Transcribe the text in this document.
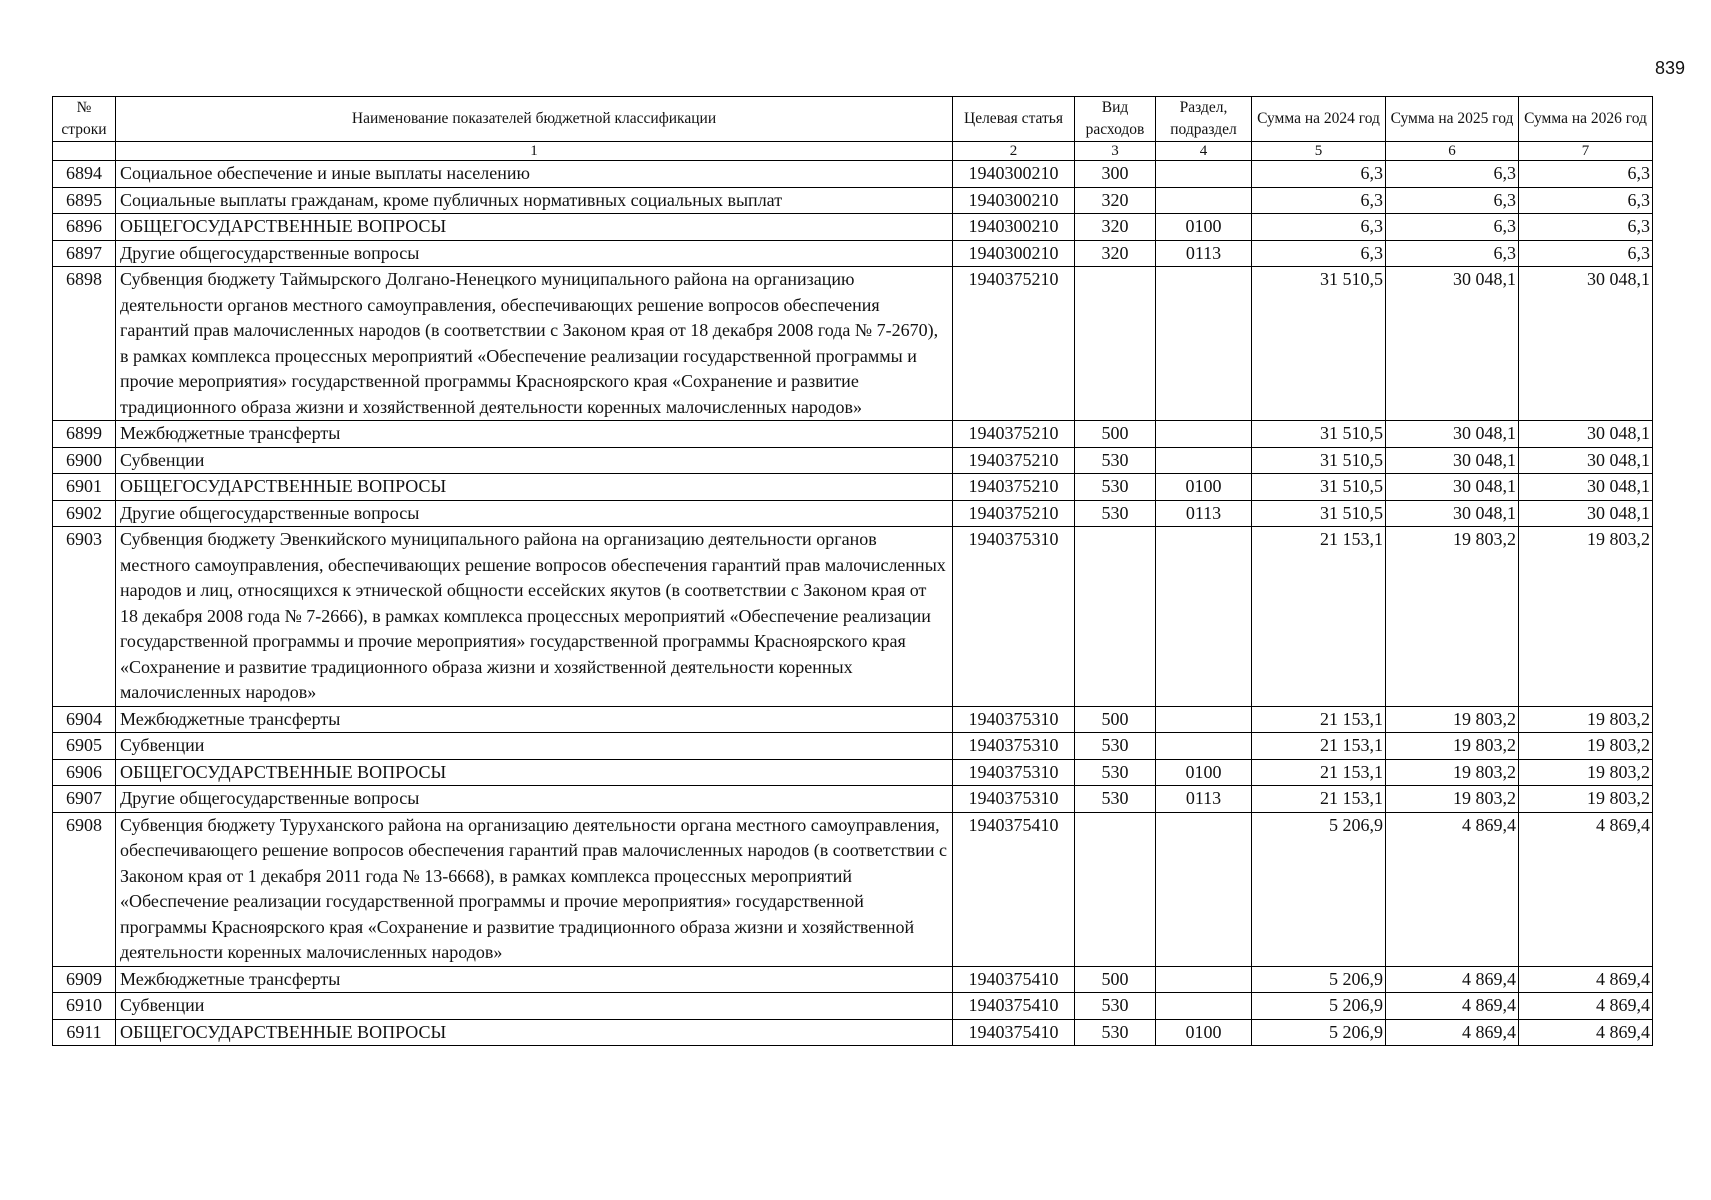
839
№ строки	Наименование показателей бюджетной классификации	Целевая статья	Вид расходов	Раздел, подраздел	Сумма на 2024 год	Сумма на 2025 год	Сумма на 2026 год
	1	2	3	4	5	6	7
6894	Социальное обеспечение и иные выплаты населению	1940300210	300		6,3	6,3	6,3
6895	Социальные выплаты гражданам, кроме публичных нормативных социальных выплат	1940300210	320		6,3	6,3	6,3
6896	ОБЩЕГОСУДАРСТВЕННЫЕ ВОПРОСЫ	1940300210	320	0100	6,3	6,3	6,3
6897	Другие общегосударственные вопросы	1940300210	320	0113	6,3	6,3	6,3
6898	Субвенция бюджету Таймырского Долгано-Ненецкого муниципального района на организацию деятельности органов местного самоуправления, обеспечивающих решение вопросов обеспечения гарантий прав малочисленных народов (в соответствии с Законом края от 18 декабря 2008 года № 7-2670), в рамках комплекса процессных мероприятий «Обеспечение реализации государственной программы и прочие мероприятия» государственной программы Красноярского края «Сохранение и развитие традиционного образа жизни и хозяйственной деятельности коренных малочисленных народов»	1940375210			31 510,5	30 048,1	30 048,1
6899	Межбюджетные трансферты	1940375210	500		31 510,5	30 048,1	30 048,1
6900	Субвенции	1940375210	530		31 510,5	30 048,1	30 048,1
6901	ОБЩЕГОСУДАРСТВЕННЫЕ ВОПРОСЫ	1940375210	530	0100	31 510,5	30 048,1	30 048,1
6902	Другие общегосударственные вопросы	1940375210	530	0113	31 510,5	30 048,1	30 048,1
6903	Субвенция бюджету Эвенкийского муниципального района на организацию деятельности органов местного самоуправления, обеспечивающих решение вопросов обеспечения гарантий прав малочисленных народов и лиц, относящихся к этнической общности ессейских якутов (в соответствии с Законом края от 18 декабря 2008 года № 7-2666), в рамках комплекса процессных мероприятий «Обеспечение реализации государственной программы и прочие мероприятия» государственной программы Красноярского края «Сохранение и развитие традиционного образа жизни и хозяйственной деятельности коренных малочисленных народов»	1940375310			21 153,1	19 803,2	19 803,2
6904	Межбюджетные трансферты	1940375310	500		21 153,1	19 803,2	19 803,2
6905	Субвенции	1940375310	530		21 153,1	19 803,2	19 803,2
6906	ОБЩЕГОСУДАРСТВЕННЫЕ ВОПРОСЫ	1940375310	530	0100	21 153,1	19 803,2	19 803,2
6907	Другие общегосударственные вопросы	1940375310	530	0113	21 153,1	19 803,2	19 803,2
6908	Субвенция бюджету Туруханского района на организацию деятельности органа местного самоуправления, обеспечивающего решение вопросов обеспечения гарантий прав малочисленных народов (в соответствии с Законом края от 1 декабря 2011 года № 13-6668), в рамках комплекса процессных мероприятий «Обеспечение реализации государственной программы и прочие мероприятия» государственной программы Красноярского края «Сохранение и развитие традиционного образа жизни и хозяйственной деятельности коренных малочисленных народов»	1940375410			5 206,9	4 869,4	4 869,4
6909	Межбюджетные трансферты	1940375410	500		5 206,9	4 869,4	4 869,4
6910	Субвенции	1940375410	530		5 206,9	4 869,4	4 869,4
6911	ОБЩЕГОСУДАРСТВЕННЫЕ ВОПРОСЫ	1940375410	530	0100	5 206,9	4 869,4	4 869,4
